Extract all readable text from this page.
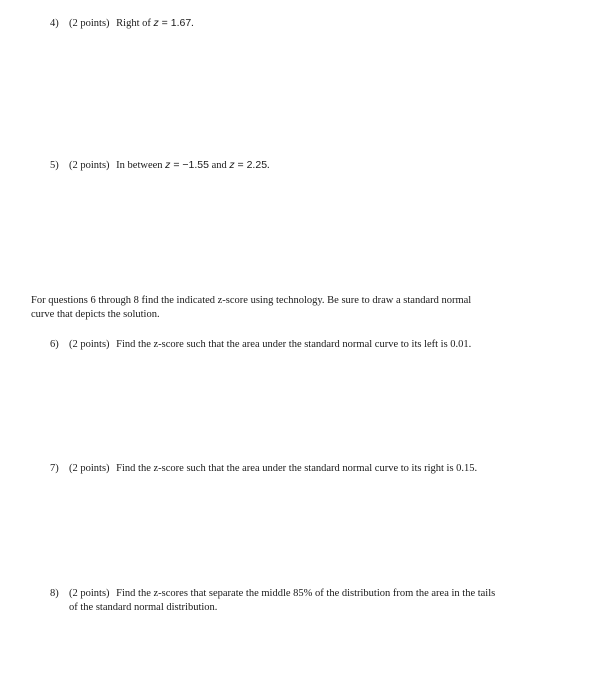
4) (2 points) Right of z = 1.67.
5) (2 points) In between z = −1.55 and z = 2.25.
For questions 6 through 8 find the indicated z-score using technology. Be sure to draw a standard normal
curve that depicts the solution.
6) (2 points) Find the z-score such that the area under the standard normal curve to its left is 0.01.
7) (2 points) Find the z-score such that the area under the standard normal curve to its right is 0.15.
8) (2 points) Find the z-scores that separate the middle 85% of the distribution from the area in the tails
of the standard normal distribution.
